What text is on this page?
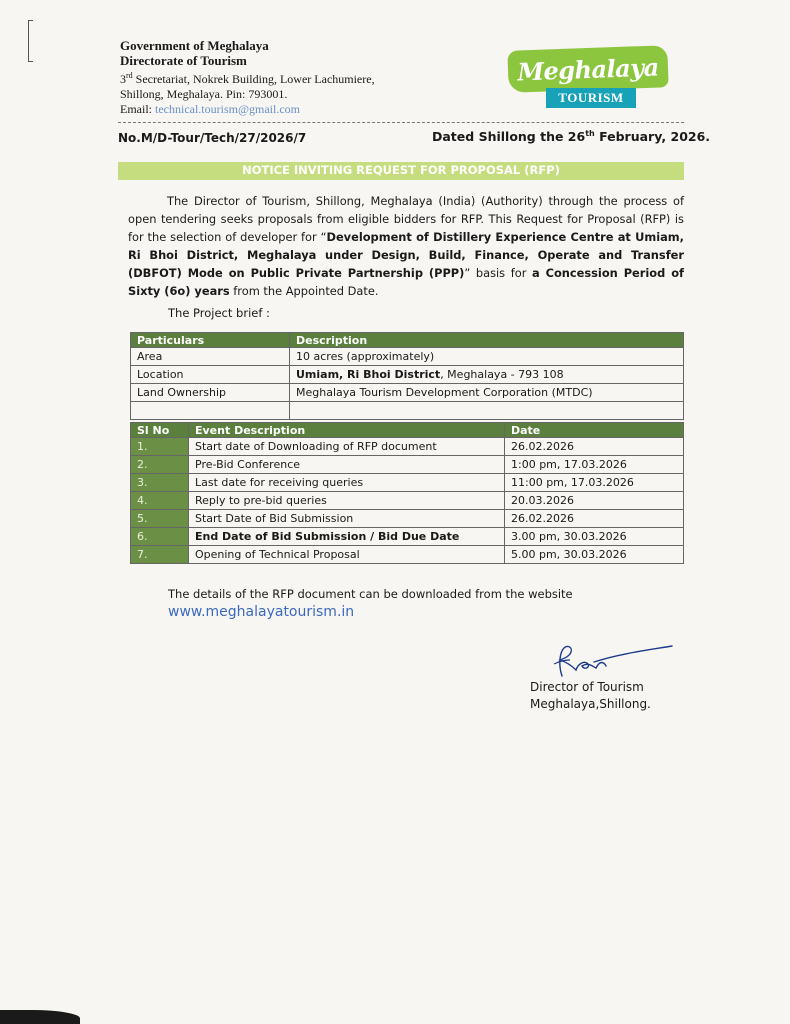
Government of Meghalaya
Directorate of Tourism
3rd Secretariat, Nokrek Building, Lower Lachumiere,
Shillong, Meghalaya. Pin: 793001.
Email: technical.tourism@gmail.com
Meghalaya
TOURISM
No.M/D-Tour/Tech/27/2026/7	Dated Shillong the 26th February, 2026.
NOTICE INVITING REQUEST FOR PROPOSAL (RFP)
The Director of Tourism, Shillong, Meghalaya (India) (Authority) through the process of open tendering seeks proposals from eligible bidders for RFP. This Request for Proposal (RFP) is for the selection of developer for “Development of Distillery Experience Centre at Umiam, Ri Bhoi District, Meghalaya under Design, Build, Finance, Operate and Transfer (DBFOT) Mode on Public Private Partnership (PPP)” basis for a Concession Period of Sixty (6o) years from the Appointed Date.
The Project brief :
Particulars	Description
Area	10 acres (approximately)
Location	Umiam, Ri Bhoi District, Meghalaya - 793 108
Land Ownership	Meghalaya Tourism Development Corporation (MTDC)

Sl No	Event Description	Date
1.	Start date of Downloading of RFP document	26.02.2026
2.	Pre-Bid Conference	1:00 pm, 17.03.2026
3.	Last date for receiving queries	11:00 pm, 17.03.2026
4.	Reply to pre-bid queries	20.03.2026
5.	Start Date of Bid Submission	26.02.2026
6.	End Date of Bid Submission / Bid Due Date	3.00 pm, 30.03.2026
7.	Opening of Technical Proposal	5.00 pm, 30.03.2026
The details of the RFP document can be downloaded from the website
www.meghalayatourism.in
Director of Tourism
Meghalaya,Shillong.
